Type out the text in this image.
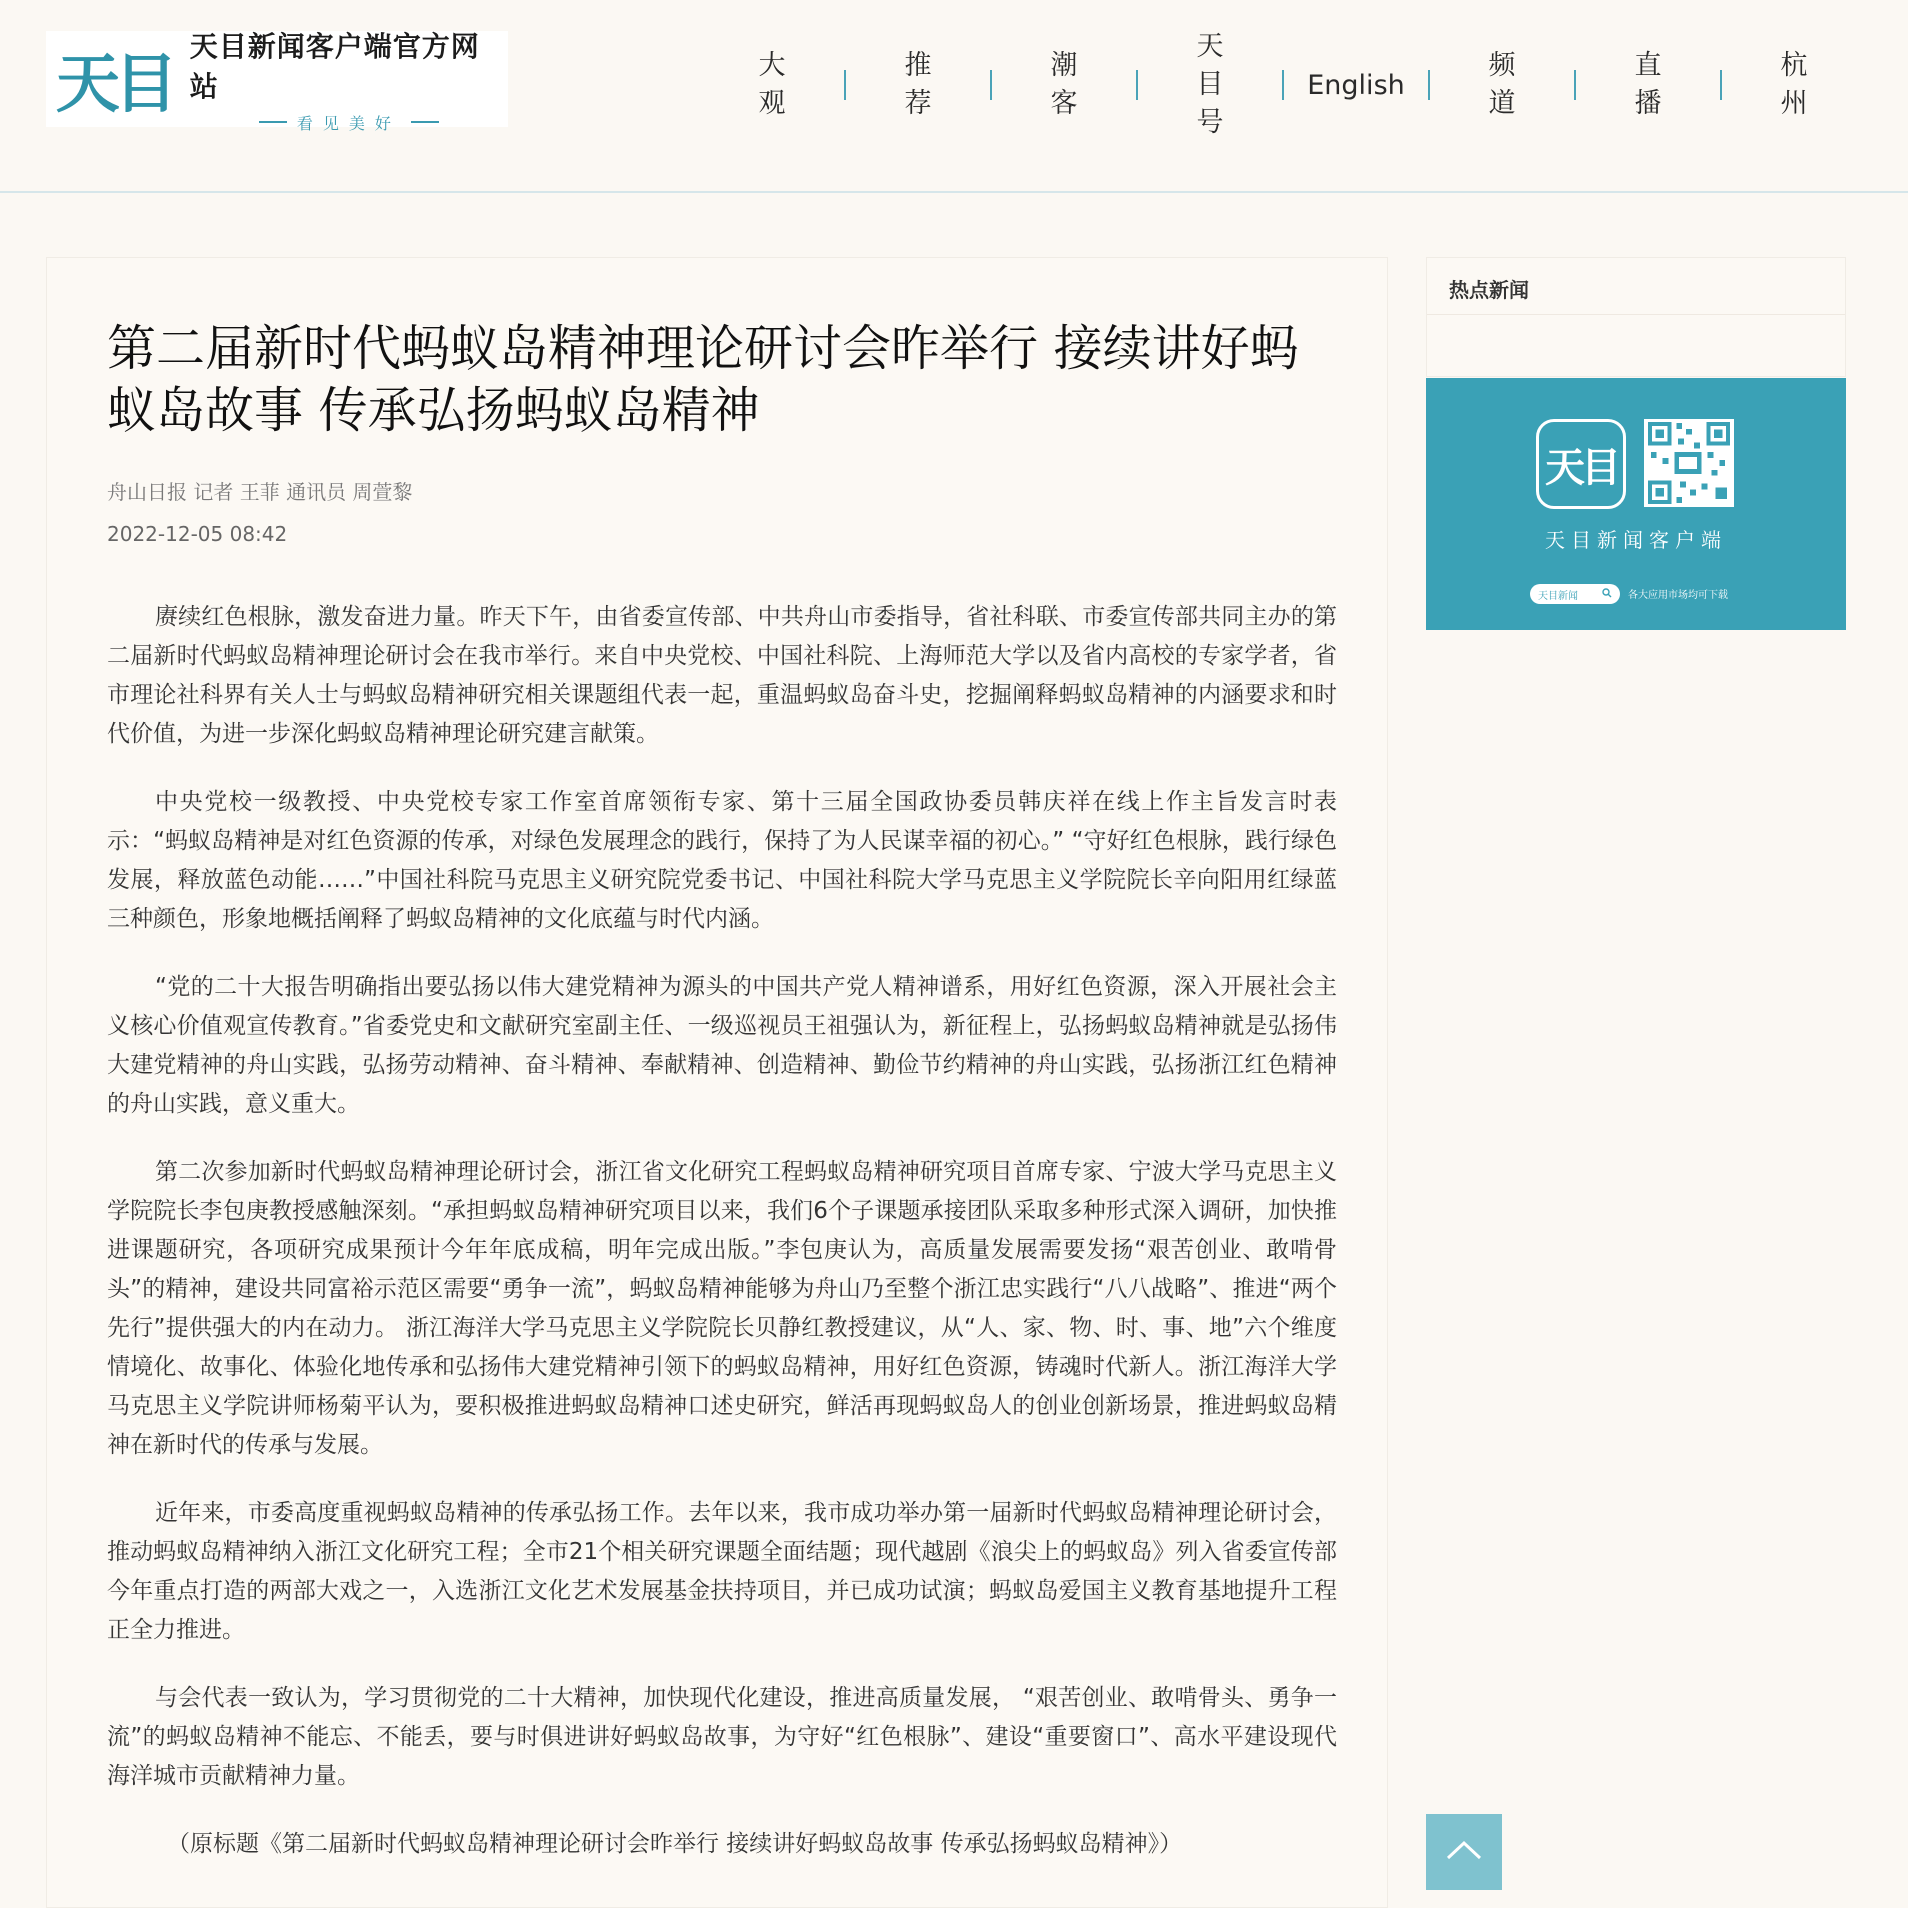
天目
天目新闻客户端官方网站
看见美好
大
观
推
荐
潮
客
天
目
号
English
频
道
直
播
杭
州
第二届新时代蚂蚁岛精神理论研讨会昨举行 接续讲好蚂蚁岛故事 传承弘扬蚂蚁岛精神
舟山日报 记者 王菲 通讯员 周萱黎
2022-12-05 08:42

赓续红色根脉，激发奋进力量。昨天下午，由省委宣传部、中共舟山市委指导，省社科联、市委宣传部共同主办的第二届新时代蚂蚁岛精神理论研讨会在我市举行。来自中央党校、中国社科院、上海师范大学以及省内高校的专家学者，省市理论社科界有关人士与蚂蚁岛精神研究相关课题组代表一起，重温蚂蚁岛奋斗史，挖掘阐释蚂蚁岛精神的内涵要求和时代价值，为进一步深化蚂蚁岛精神理论研究建言献策。

中央党校一级教授、中央党校专家工作室首席领衔专家、第十三届全国政协委员韩庆祥在线上作主旨发言时表示：“蚂蚁岛精神是对红色资源的传承，对绿色发展理念的践行，保持了为人民谋幸福的初心。” “守好红色根脉，践行绿色发展，释放蓝色动能……”中国社科院马克思主义研究院党委书记、中国社科院大学马克思主义学院院长辛向阳用红绿蓝三种颜色，形象地概括阐释了蚂蚁岛精神的文化底蕴与时代内涵。

“党的二十大报告明确指出要弘扬以伟大建党精神为源头的中国共产党人精神谱系，用好红色资源，深入开展社会主义核心价值观宣传教育。”省委党史和文献研究室副主任、一级巡视员王祖强认为，新征程上，弘扬蚂蚁岛精神就是弘扬伟大建党精神的舟山实践，弘扬劳动精神、奋斗精神、奉献精神、创造精神、勤俭节约精神的舟山实践，弘扬浙江红色精神的舟山实践，意义重大。

第二次参加新时代蚂蚁岛精神理论研讨会，浙江省文化研究工程蚂蚁岛精神研究项目首席专家、宁波大学马克思主义学院院长李包庚教授感触深刻。“承担蚂蚁岛精神研究项目以来，我们6个子课题承接团队采取多种形式深入调研，加快推进课题研究，各项研究成果预计今年年底成稿，明年完成出版。”李包庚认为，高质量发展需要发扬“艰苦创业、敢啃骨头”的精神，建设共同富裕示范区需要“勇争一流”，蚂蚁岛精神能够为舟山乃至整个浙江忠实践行“八八战略”、推进“两个先行”提供强大的内在动力。 浙江海洋大学马克思主义学院院长贝静红教授建议，从“人、家、物、时、事、地”六个维度情境化、故事化、体验化地传承和弘扬伟大建党精神引领下的蚂蚁岛精神，用好红色资源，铸魂时代新人。浙江海洋大学马克思主义学院讲师杨菊平认为，要积极推进蚂蚁岛精神口述史研究，鲜活再现蚂蚁岛人的创业创新场景，推进蚂蚁岛精神在新时代的传承与发展。

近年来，市委高度重视蚂蚁岛精神的传承弘扬工作。去年以来，我市成功举办第一届新时代蚂蚁岛精神理论研讨会，推动蚂蚁岛精神纳入浙江文化研究工程；全市21个相关研究课题全面结题；现代越剧《浪尖上的蚂蚁岛》列入省委宣传部今年重点打造的两部大戏之一，入选浙江文化艺术发展基金扶持项目，并已成功试演；蚂蚁岛爱国主义教育基地提升工程正全力推进。

与会代表一致认为，学习贯彻党的二十大精神，加快现代化建设，推进高质量发展， “艰苦创业、敢啃骨头、勇争一流”的蚂蚁岛精神不能忘、不能丢，要与时俱进讲好蚂蚁岛故事，为守好“红色根脉”、建设“重要窗口”、高水平建设现代海洋城市贡献精神力量。

（原标题《第二届新时代蚂蚁岛精神理论研讨会昨举行 接续讲好蚂蚁岛故事 传承弘扬蚂蚁岛精神》）

热点新闻
天目
天目新闻客户端
天目新闻	各大应用市场均可下载
